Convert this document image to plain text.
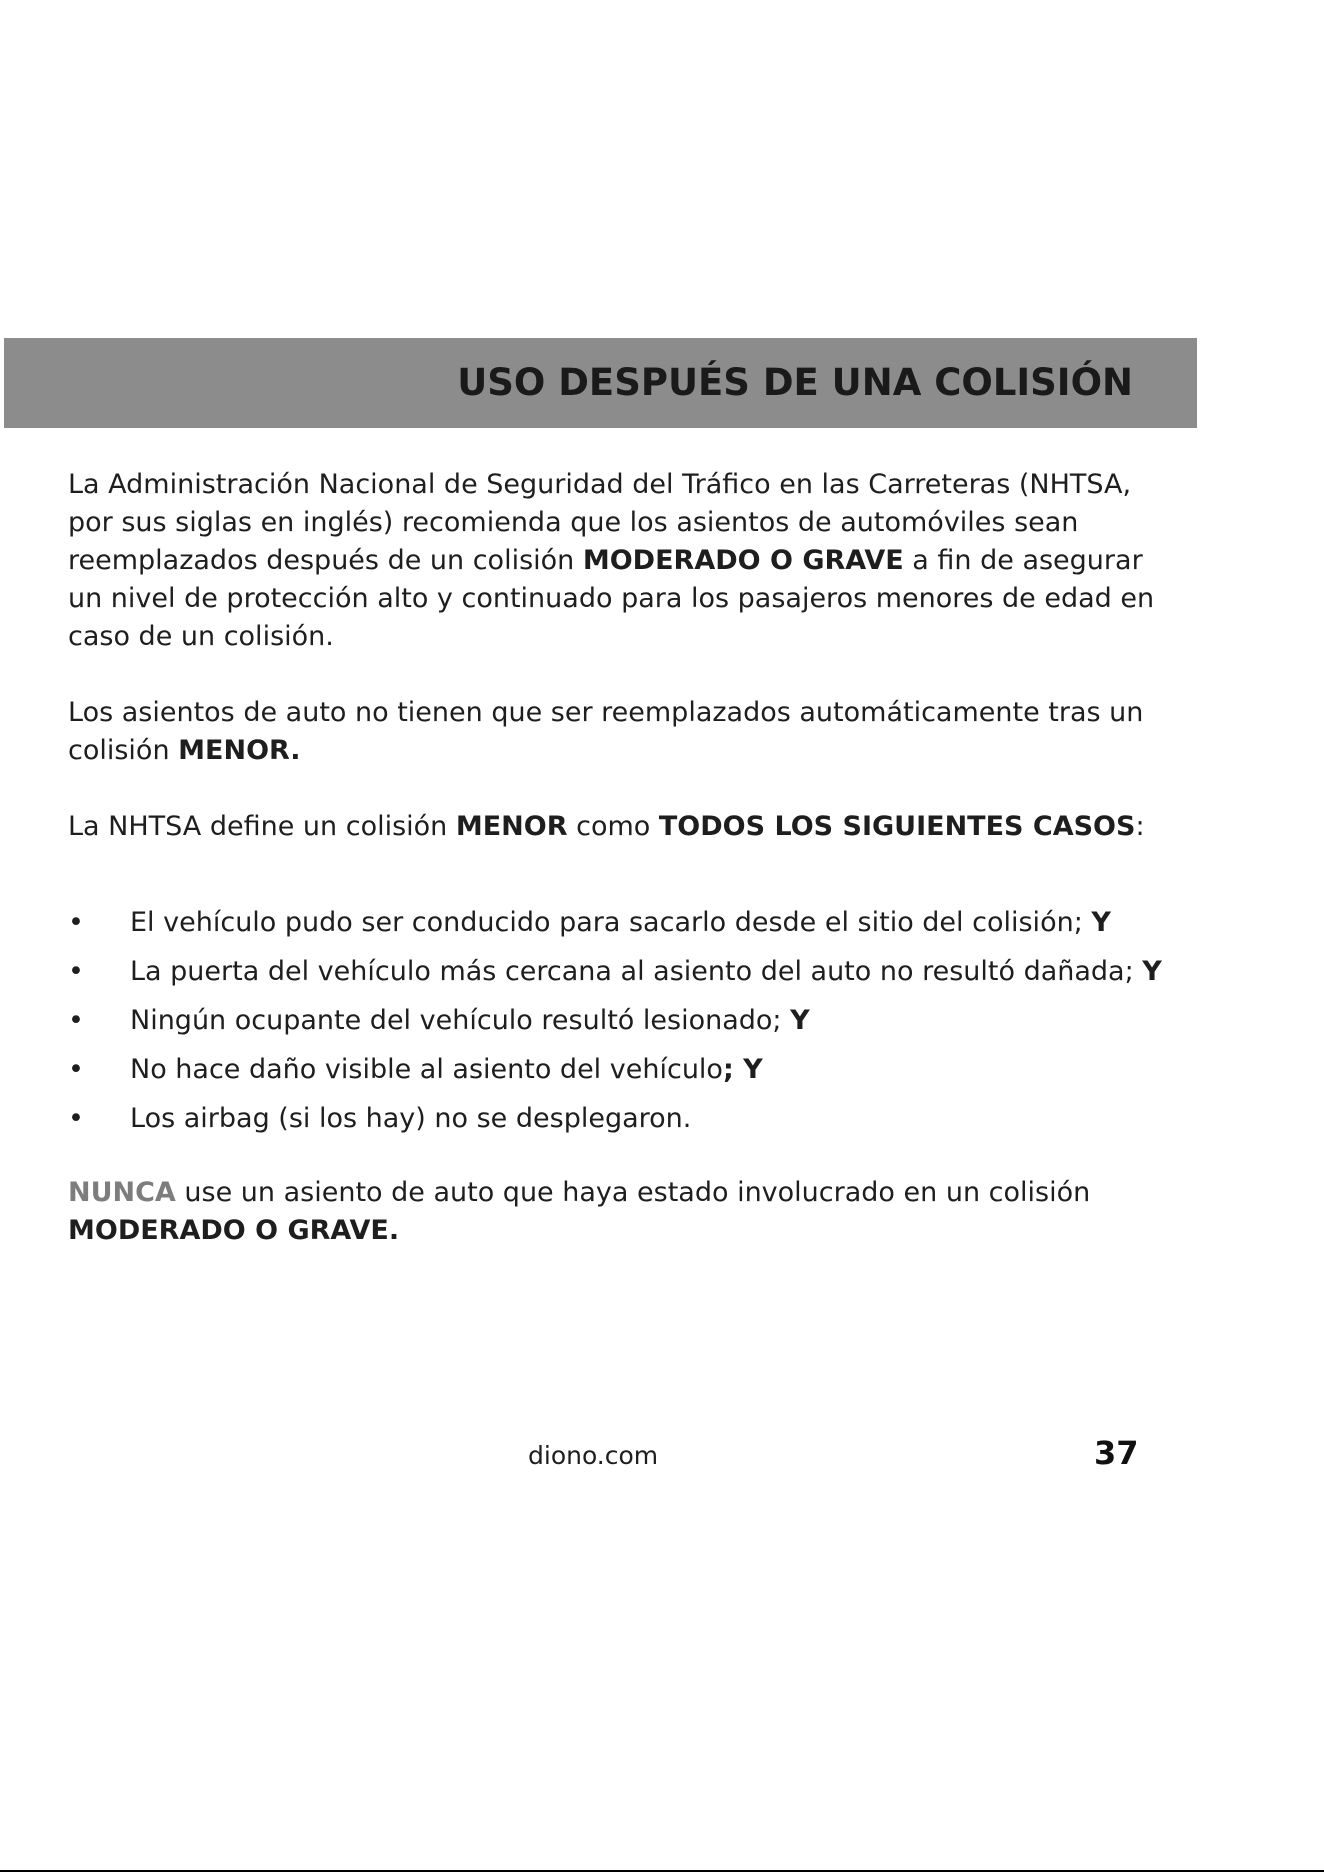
USO DESPUÉS DE UNA COLISIÓN

La Administración Nacional de Seguridad del Tráfico en las Carreteras (NHTSA, por sus siglas en inglés) recomienda que los asientos de automóviles sean reemplazados después de un colisión MODERADO O GRAVE a fin de asegurar un nivel de protección alto y continuado para los pasajeros menores de edad en caso de un colisión.

Los asientos de auto no tienen que ser reemplazados automáticamente tras un colisión MENOR.

La NHTSA define un colisión MENOR como TODOS LOS SIGUIENTES CASOS:

• El vehículo pudo ser conducido para sacarlo desde el sitio del colisión; Y
• La puerta del vehículo más cercana al asiento del auto no resultó dañada; Y
• Ningún ocupante del vehículo resultó lesionado; Y
• No hace daño visible al asiento del vehículo; Y
• Los airbag (si los hay) no se desplegaron.

NUNCA use un asiento de auto que haya estado involucrado en un colisión MODERADO O GRAVE.

diono.com	37
